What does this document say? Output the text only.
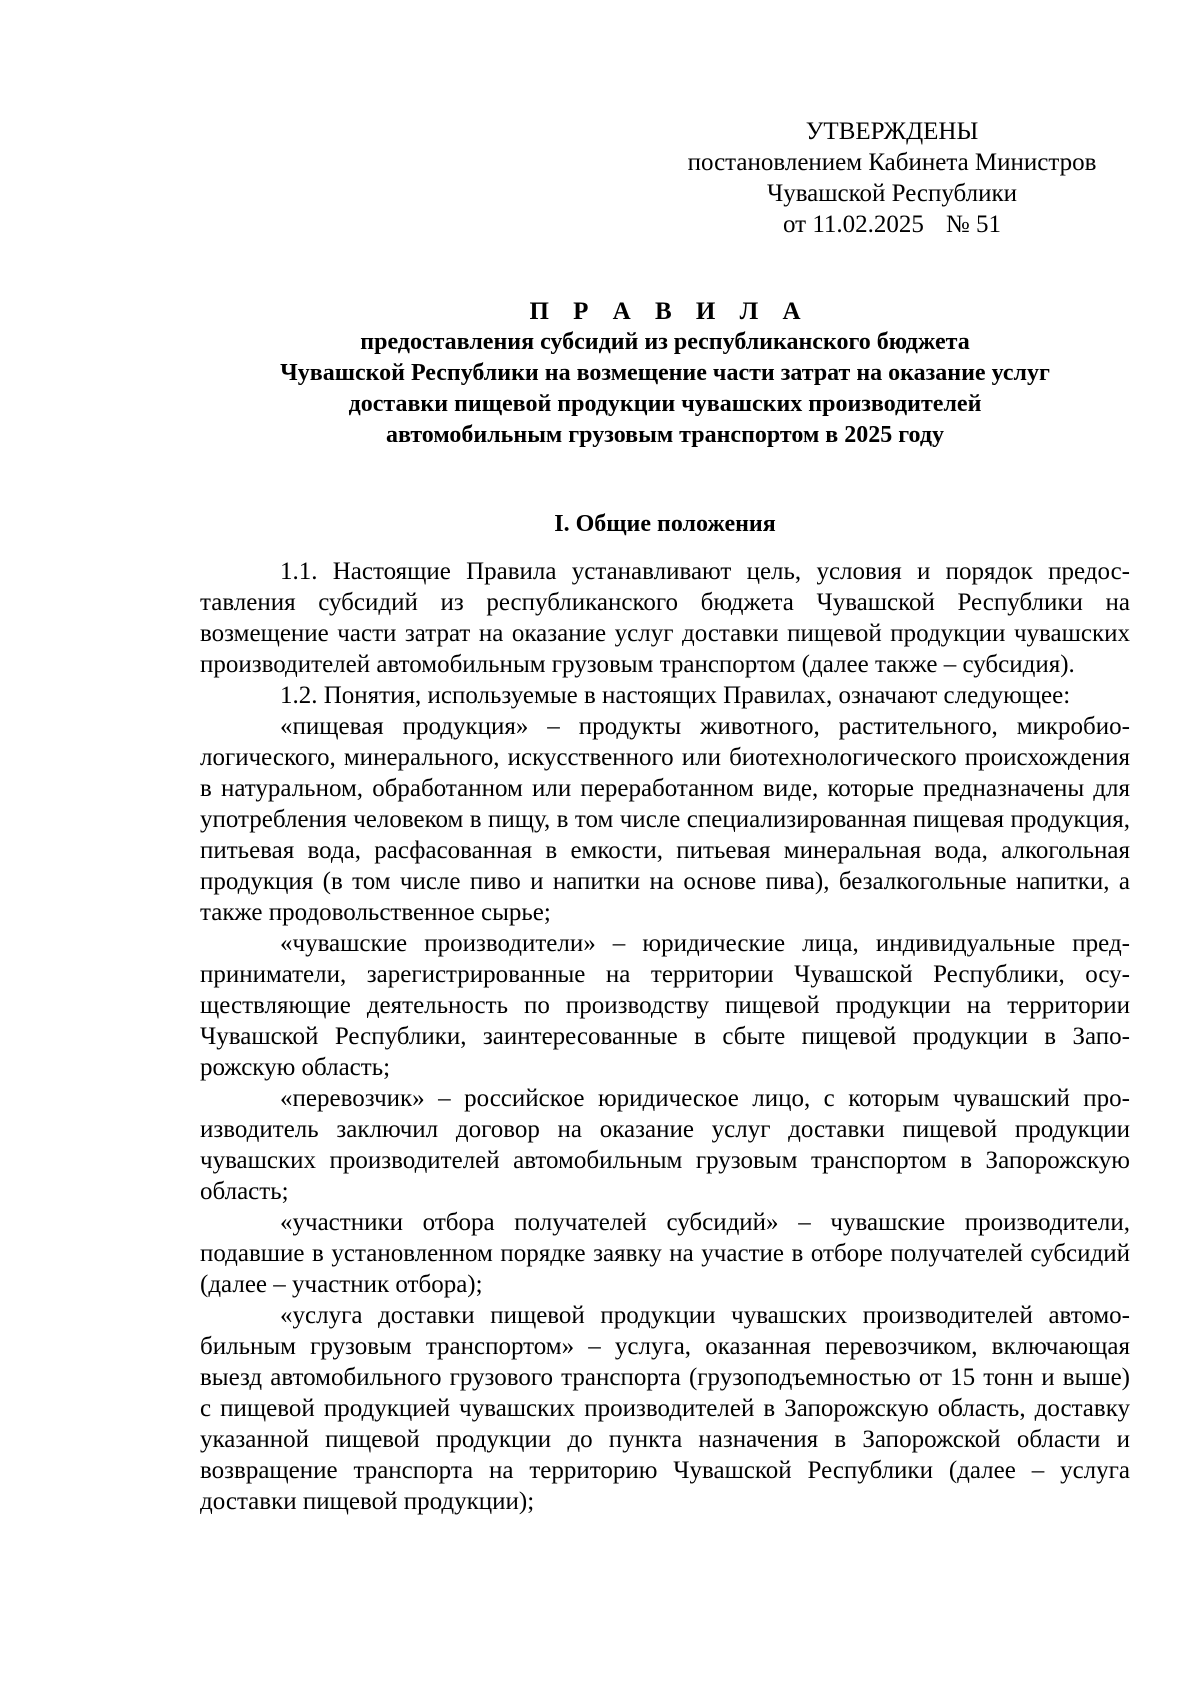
УТВЕРЖДЕНЫ
постановлением Кабинета Министров
Чувашской Республики
от 11.02.2025 № 51
П Р А В И Л А
предоставления субсидий из республиканского бюджета
Чувашской Республики на возмещение части затрат на оказание услуг
доставки пищевой продукции чувашских производителей
автомобильным грузовым транспортом в 2025 году
I. Общие положения

1.1. Настоящие Правила устанавливают цель, условия и порядок предоставления субсидий из республиканского бюджета Чувашской Республики на возмещение части затрат на оказание услуг доставки пищевой продукции чувашских производителей автомобильным грузовым транспортом (далее также – субсидия).

1.2. Понятия, используемые в настоящих Правилах, означают следующее:

«пищевая продукция» – продукты животного, растительного, микробиологического, минерального, искусственного или биотехнологического происхождения в натуральном, обработанном или переработанном виде, которые предназначены для употребления человеком в пищу, в том числе специализированная пищевая продукция, питьевая вода, расфасованная в емкости, питьевая минеральная вода, алкогольная продукция (в том числе пиво и напитки на основе пива), безалкогольные напитки, а также продовольственное сырье;

«чувашские производители» – юридические лица, индивидуальные предприниматели, зарегистрированные на территории Чувашской Республики, осуществляющие деятельность по производству пищевой продукции на территории Чувашской Республики, заинтересованные в сбыте пищевой продукции в Запорожскую область;

«перевозчик» – российское юридическое лицо, с которым чувашский производитель заключил договор на оказание услуг доставки пищевой продукции чувашских производителей автомобильным грузовым транспортом в Запорожскую область;

«участники отбора получателей субсидий» – чувашские производители, подавшие в установленном порядке заявку на участие в отборе получателей субсидий (далее – участник отбора);

«услуга доставки пищевой продукции чувашских производителей автомобильным грузовым транспортом» – услуга, оказанная перевозчиком, включающая выезд автомобильного грузового транспорта (грузоподъемностью от 15 тонн и выше) с пищевой продукцией чувашских производителей в Запорожскую область, доставку указанной пищевой продукции до пункта назначения в Запорожской области и возвращение транспорта на территорию Чувашской Республики (далее – услуга доставки пищевой продукции);
